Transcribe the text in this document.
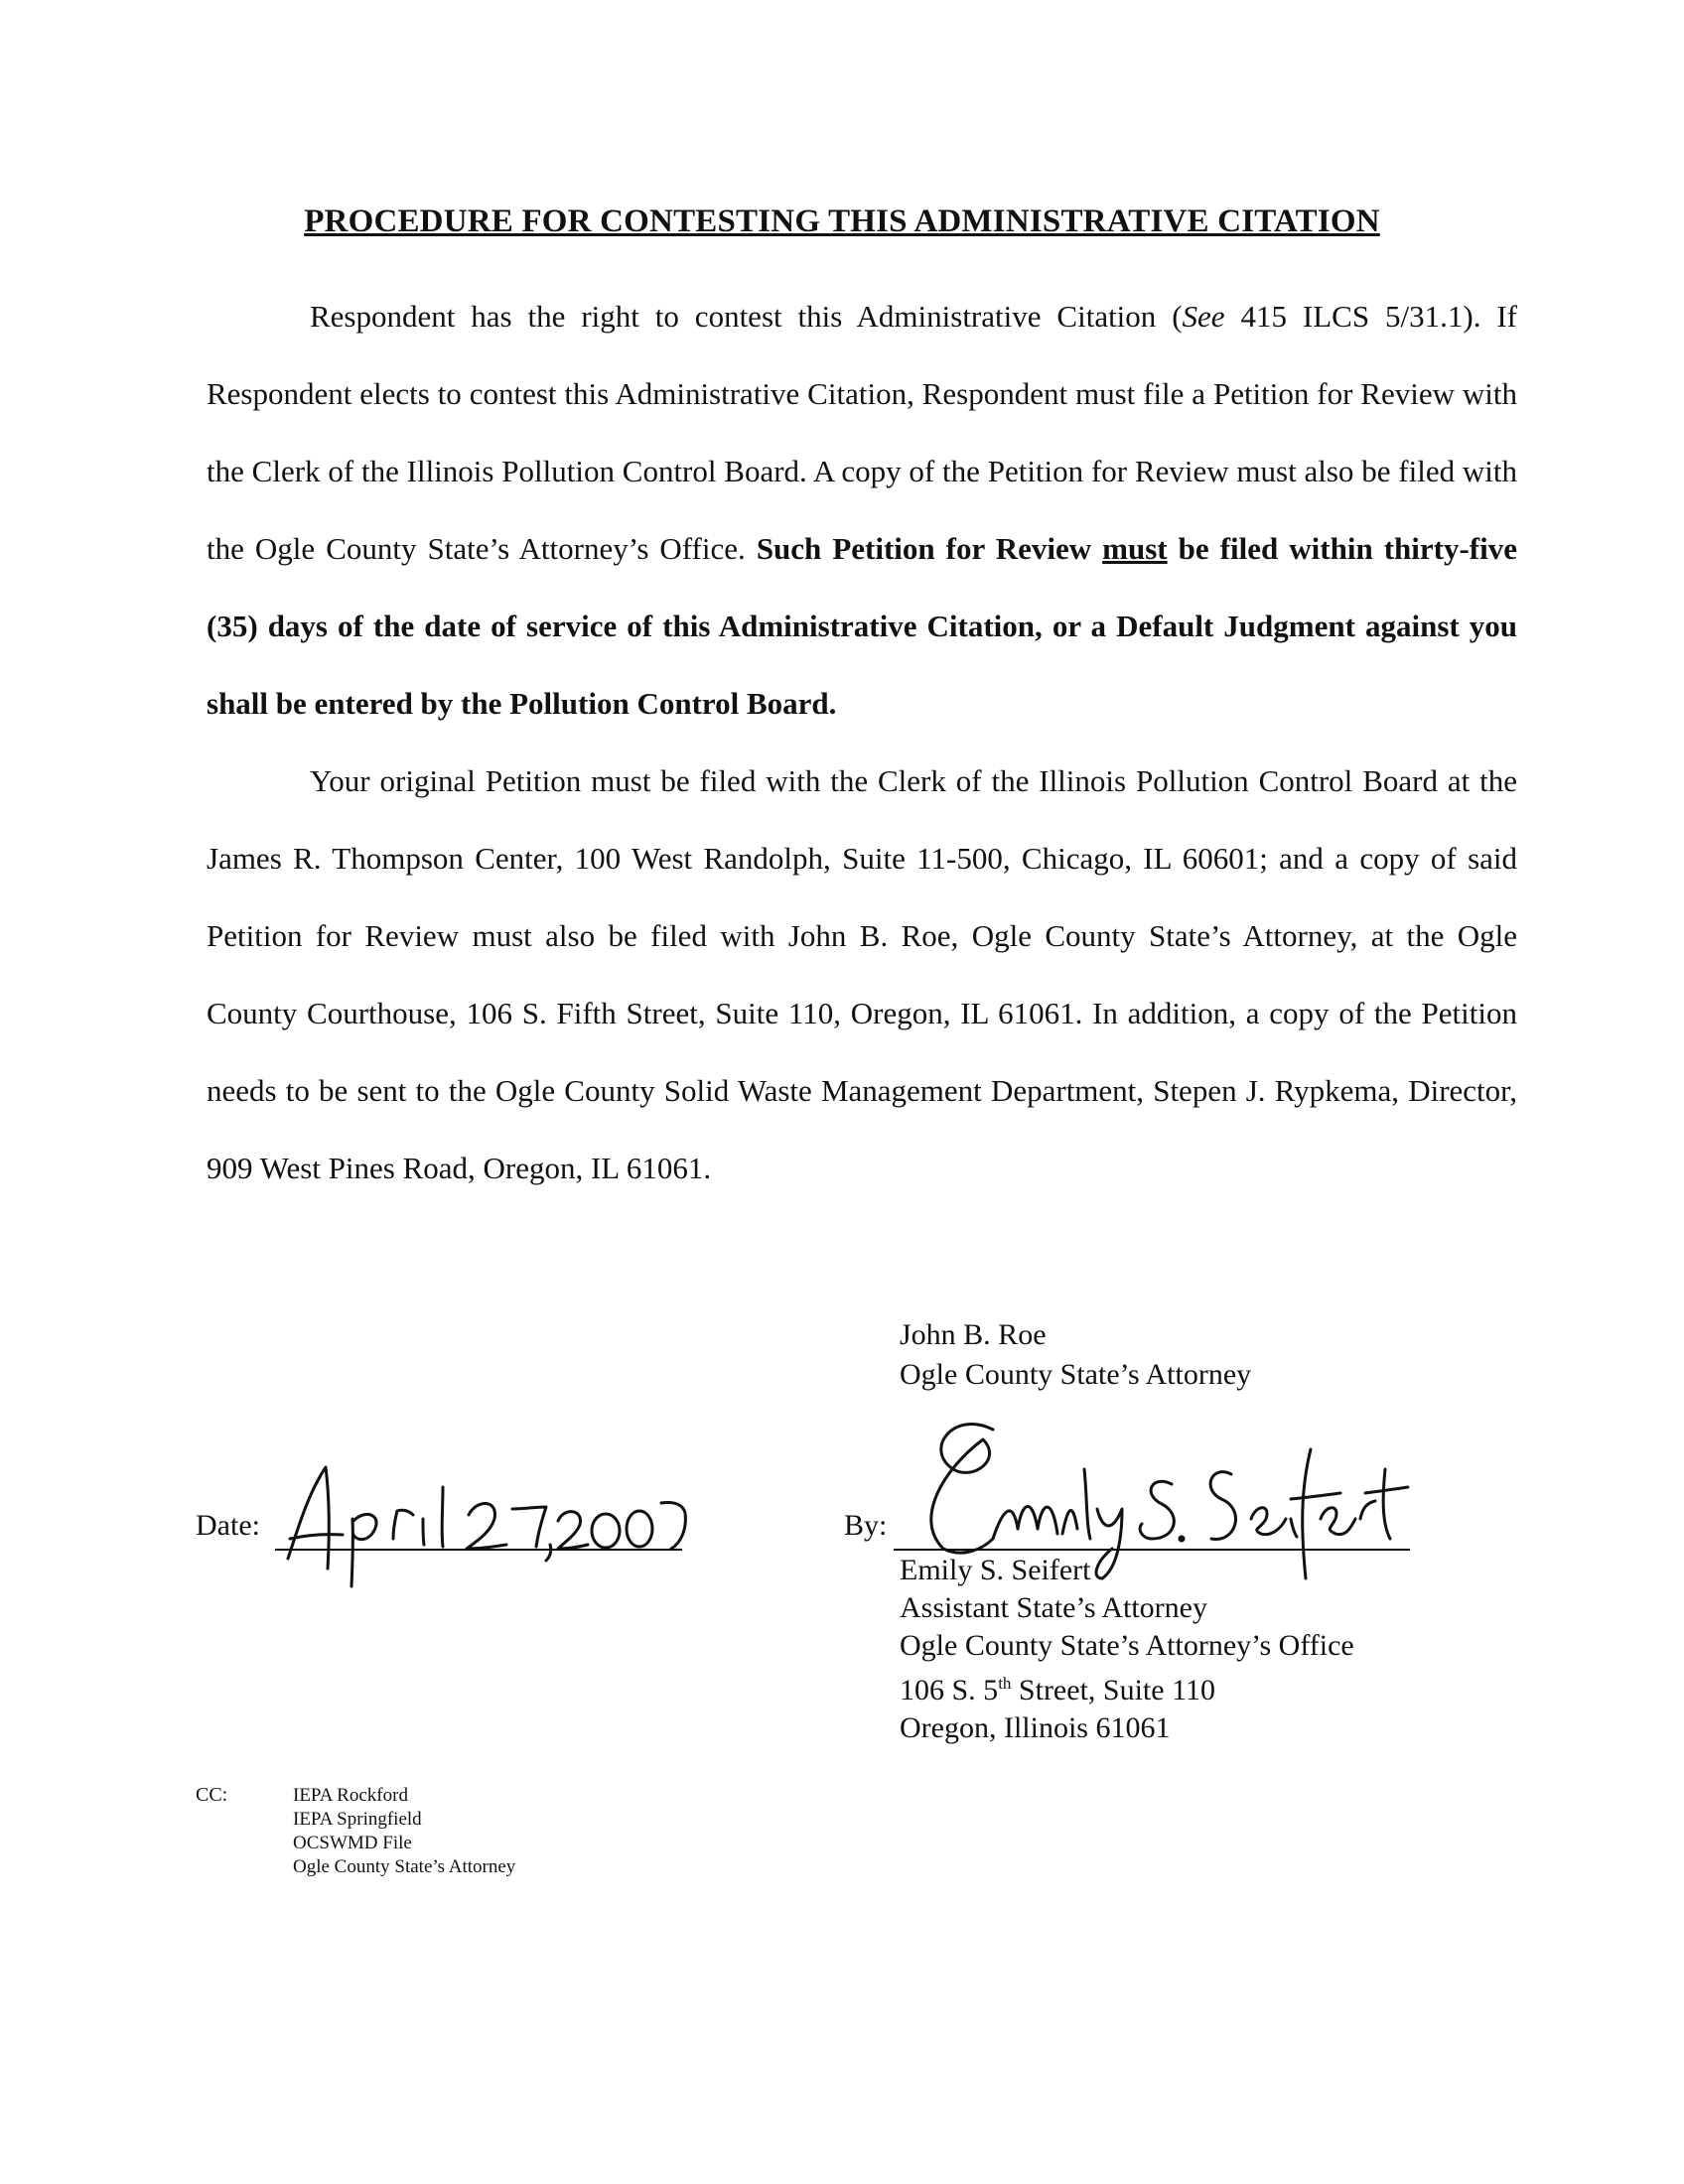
PROCEDURE FOR CONTESTING THIS ADMINISTRATIVE CITATION

Respondent has the right to contest this Administrative Citation (See 415 ILCS 5/31.1). If Respondent elects to contest this Administrative Citation, Respondent must file a Petition for Review with the Clerk of the Illinois Pollution Control Board. A copy of the Petition for Review must also be filed with the Ogle County State’s Attorney’s Office. Such Petition for Review must be filed within thirty-five (35) days of the date of service of this Administrative Citation, or a Default Judgment against you shall be entered by the Pollution Control Board.

Your original Petition must be filed with the Clerk of the Illinois Pollution Control Board at the James R. Thompson Center, 100 West Randolph, Suite 11-500, Chicago, IL 60601; and a copy of said Petition for Review must also be filed with John B. Roe, Ogle County State’s Attorney, at the Ogle County Courthouse, 106 S. Fifth Street, Suite 110, Oregon, IL 61061. In addition, a copy of the Petition needs to be sent to the Ogle County Solid Waste Management Department, Stepen J. Rypkema, Director, 909 West Pines Road, Oregon, IL 61061.

John B. Roe
Ogle County State’s Attorney
Date:	By:
Emily S. Seifert
Assistant State’s Attorney
Ogle County State’s Attorney’s Office
106 S. 5th Street, Suite 110
Oregon, Illinois 61061
CC:	IEPA Rockford
IEPA Springfield
OCSWMD File
Ogle County State’s Attorney
